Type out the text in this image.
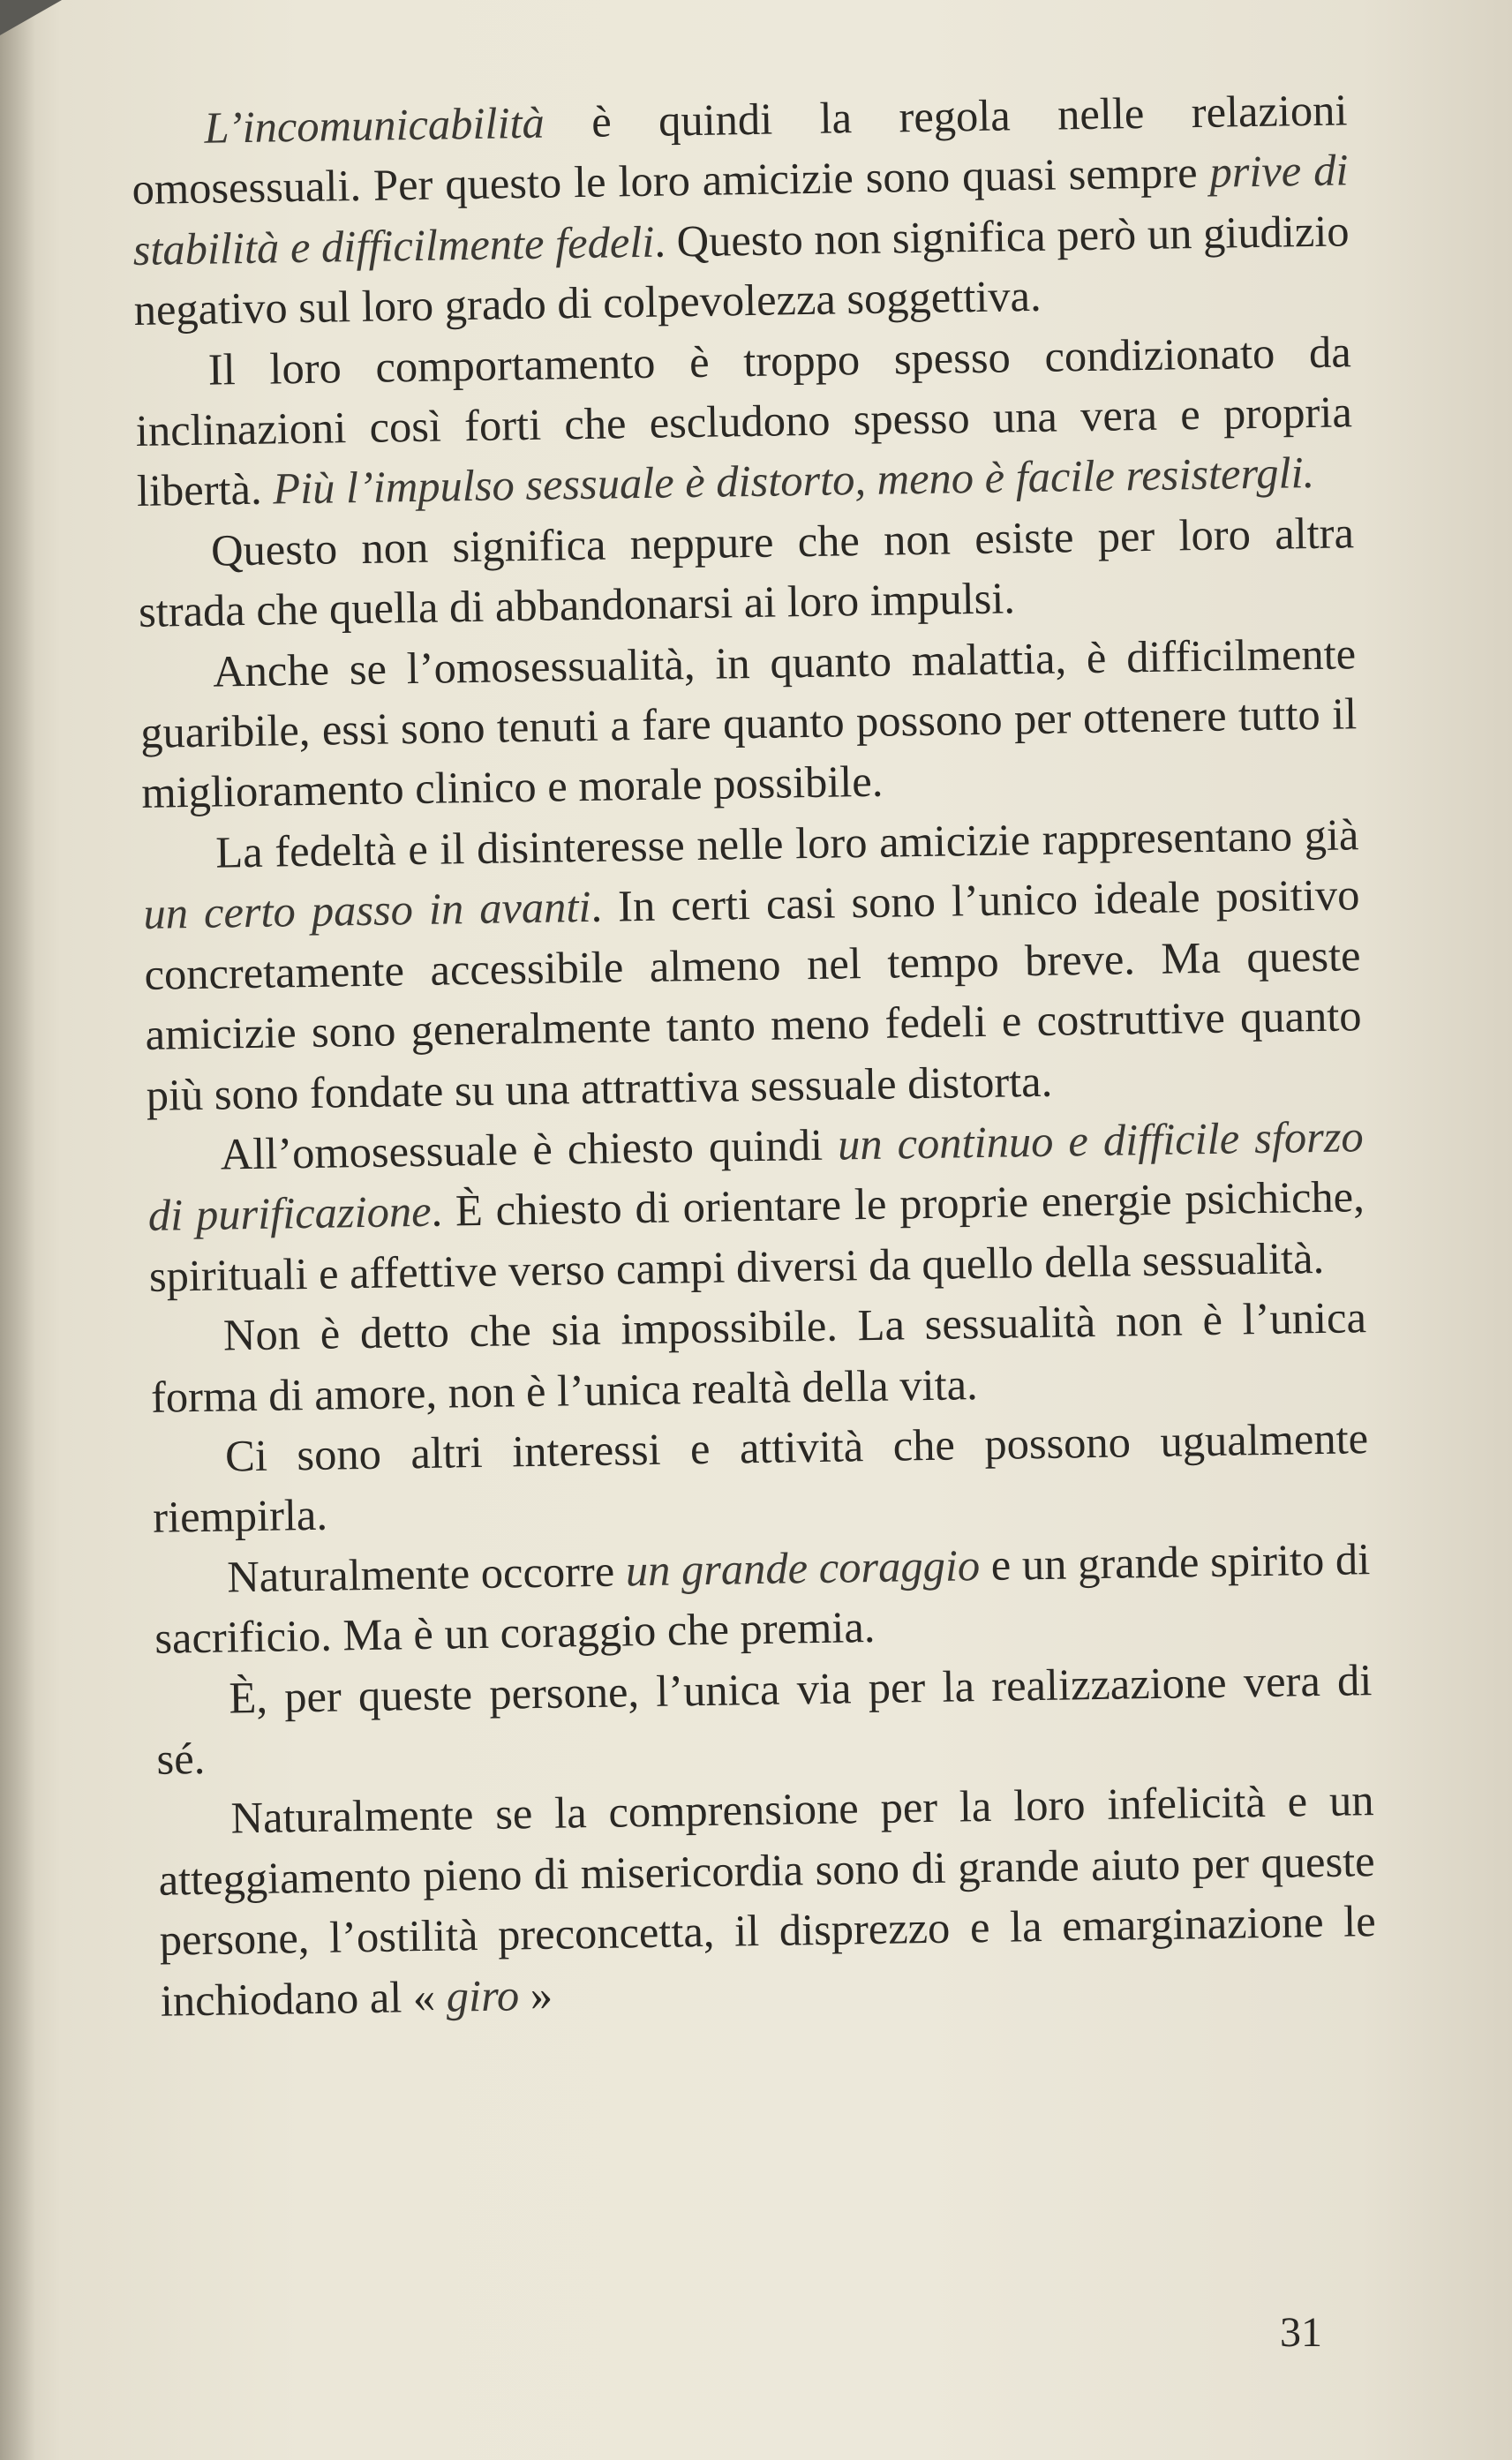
L’incomunicabilità è quindi la regola nelle relazioni omosessuali. Per questo le loro amicizie sono quasi sempre prive di stabilità e difficilmente fedeli. Questo non significa però un giudizio negativo sul loro grado di colpevolezza soggettiva.

Il loro comportamento è troppo spesso condizionato da inclinazioni così forti che escludono spesso una vera e propria libertà. Più l’impulso sessuale è distorto, meno è facile resistergli.

Questo non significa neppure che non esiste per loro altra strada che quella di abbandonarsi ai loro impulsi.

Anche se l’omosessualità, in quanto malattia, è difficilmente guaribile, essi sono tenuti a fare quanto possono per ottenere tutto il miglioramento clinico e morale possibile.

La fedeltà e il disinteresse nelle loro amicizie rappresentano già un certo passo in avanti. In certi casi sono l’unico ideale positivo concretamente accessibile almeno nel tempo breve. Ma queste amicizie sono generalmente tanto meno fedeli e costruttive quanto più sono fondate su una attrattiva sessuale distorta.

All’omosessuale è chiesto quindi un continuo e difficile sforzo di purificazione. È chiesto di orientare le proprie energie psichiche, spirituali e affettive verso campi diversi da quello della sessualità.

Non è detto che sia impossibile. La sessualità non è l’unica forma di amore, non è l’unica realtà della vita.

Ci sono altri interessi e attività che possono ugualmente riempirla.

Naturalmente occorre un grande coraggio e un grande spirito di sacrificio. Ma è un coraggio che premia.

È, per queste persone, l’unica via per la realizzazione vera di sé.

Naturalmente se la comprensione per la loro infelicità e un atteggiamento pieno di misericordia sono di grande aiuto per queste persone, l’ostilità preconcetta, il disprezzo e la emarginazione le inchiodano al « giro »

31
